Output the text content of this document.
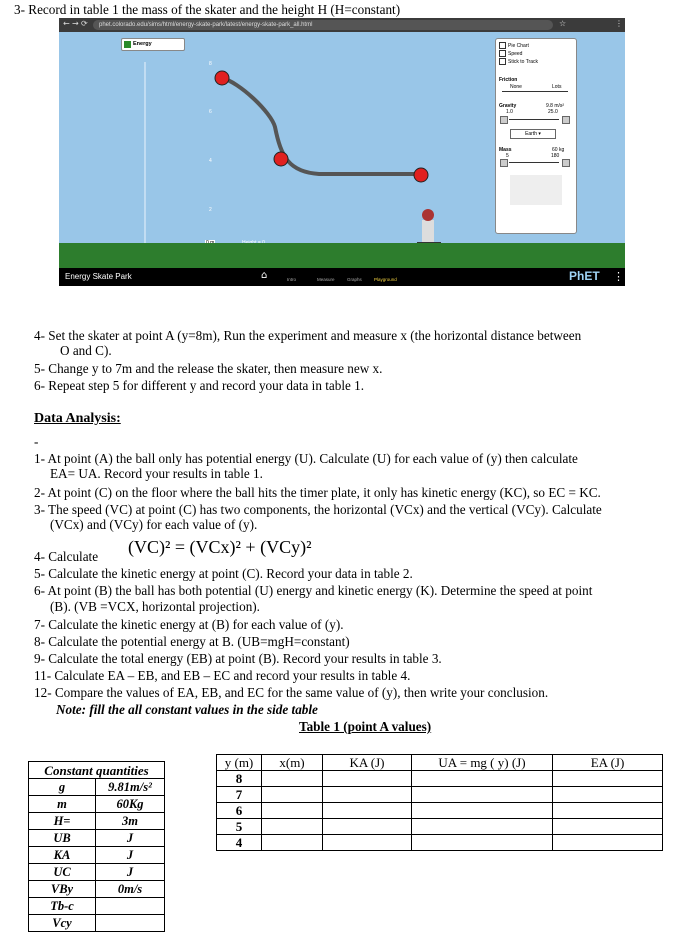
3- Record in table 1 the mass of the skater and the height H (H=constant)
← → ⟳	phet.colorado.edu/sims/html/energy-skate-park/latest/energy-skate-park_all.html	☆	⋮
Energy
8
6
4
2
Pie Chart
Speed
Stick to Track
Friction
None	Lots
Gravity	9.8 m/s²
1.0	25.0
Earth ▾
Mass	60 kg
5	180
Energy Skate Park	⌂	Intro	Measure	Graphs	Playground	PhET ⋮
4- Set the skater at point A (y=8m), Run the experiment and measure x (the horizontal distance between
O and C).
5- Change y to 7m and the release the skater, then measure new x.
6- Repeat step 5 for different y and record your data in table 1.
Data Analysis:
-
1- At point (A) the ball only has potential energy (U). Calculate (U) for each value of (y) then calculate
EA= UA. Record your results in table 1.
2- At point (C) on the floor where the ball hits the timer plate, it only has kinetic energy (KC), so EC = KC.
3- The speed (VC) at point (C) has two components, the horizontal (VCx) and the vertical (VCy). Calculate
(VCx) and (VCy) for each value of (y).
4- Calculate (VC)² = (VCx)² + (VCy)²
5- Calculate the kinetic energy at point (C). Record your data in table 2.
6- At point (B) the ball has both potential (U) energy and kinetic energy (K). Determine the speed at point
(B). (VB =VCX, horizontal projection).
7- Calculate the kinetic energy at (B) for each value of (y).
8- Calculate the potential energy at B. (UB=mgH=constant)
9- Calculate the total energy (EB) at point (B). Record your results in table 3.
11- Calculate EA – EB, and EB – EC and record your results in table 4.
12- Compare the values of EA, EB, and EC for the same value of (y), then write your conclusion.
Note: fill the all constant values in the side table
Table 1 (point A values)
y (m)	x(m)	KA (J)	UA = mg ( y) (J)	EA (J)
8				
7				
6				
5				
4				
Constant quantities	
g	9.81m/s²
m	60Kg
H=	3m
UB	J
KA	J
UC	J
VBy	0m/s
Tb-c	
Vcy	
